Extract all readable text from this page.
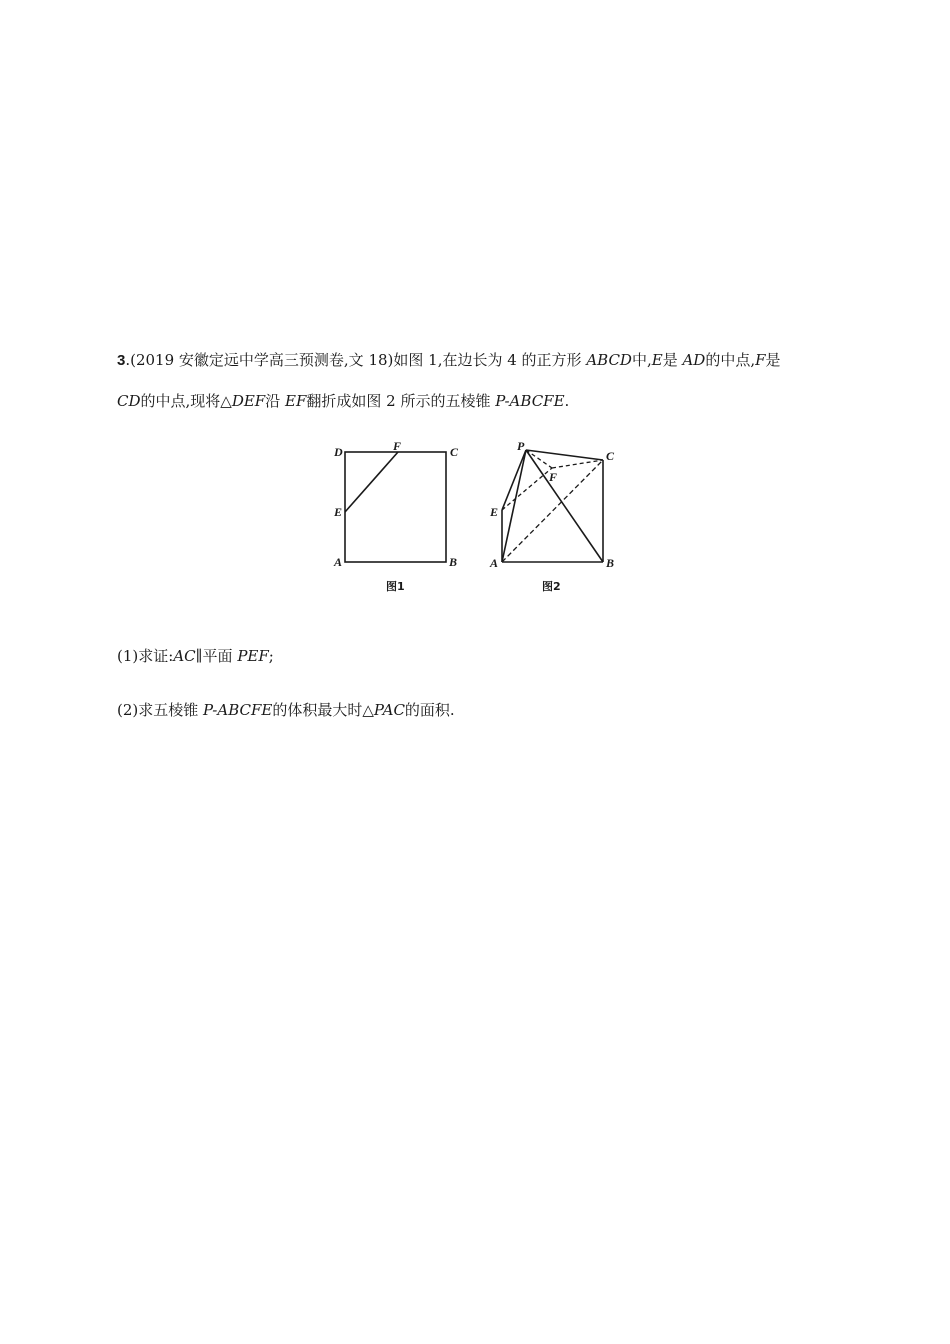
3.(2019 安徽定远中学高三预测卷,文 18)如图 1,在边长为 4 的正方形 ABCD中,E是 AD的中点,F是
CD的中点,现将△DEF沿 EF翻折成如图 2 所示的五棱锥 P-ABCFE.
D	F	C
E
A	B
图1
P
C
F
E
A	B
图2
(1)求证:AC∥平面 PEF;
(2)求五棱锥 P-ABCFE的体积最大时△PAC的面积.
